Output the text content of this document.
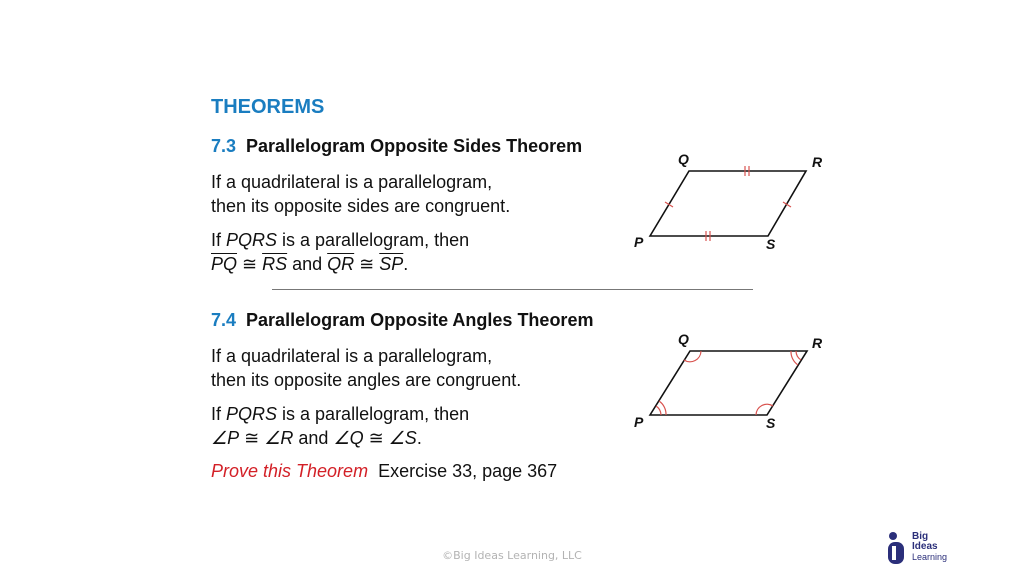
THEOREMS
7.3 Parallelogram Opposite Sides Theorem
If a quadrilateral is a parallelogram,
then its opposite sides are congruent.
If PQRS is a parallelogram, then
$\overline{PQ}$ ≅ $\overline{RS}$ and $\overline{QR}$ ≅ $\overline{SP}$.
Q	R
P	S
7.4 Parallelogram Opposite Angles Theorem
If a quadrilateral is a parallelogram,
then its opposite angles are congruent.
If PQRS is a parallelogram, then
∠P ≅ ∠R and ∠Q ≅ ∠S.
Q	R
P	S
Prove this Theorem Exercise 33, page 367
©Big Ideas Learning, LLC
Big
Ideas
Learning
